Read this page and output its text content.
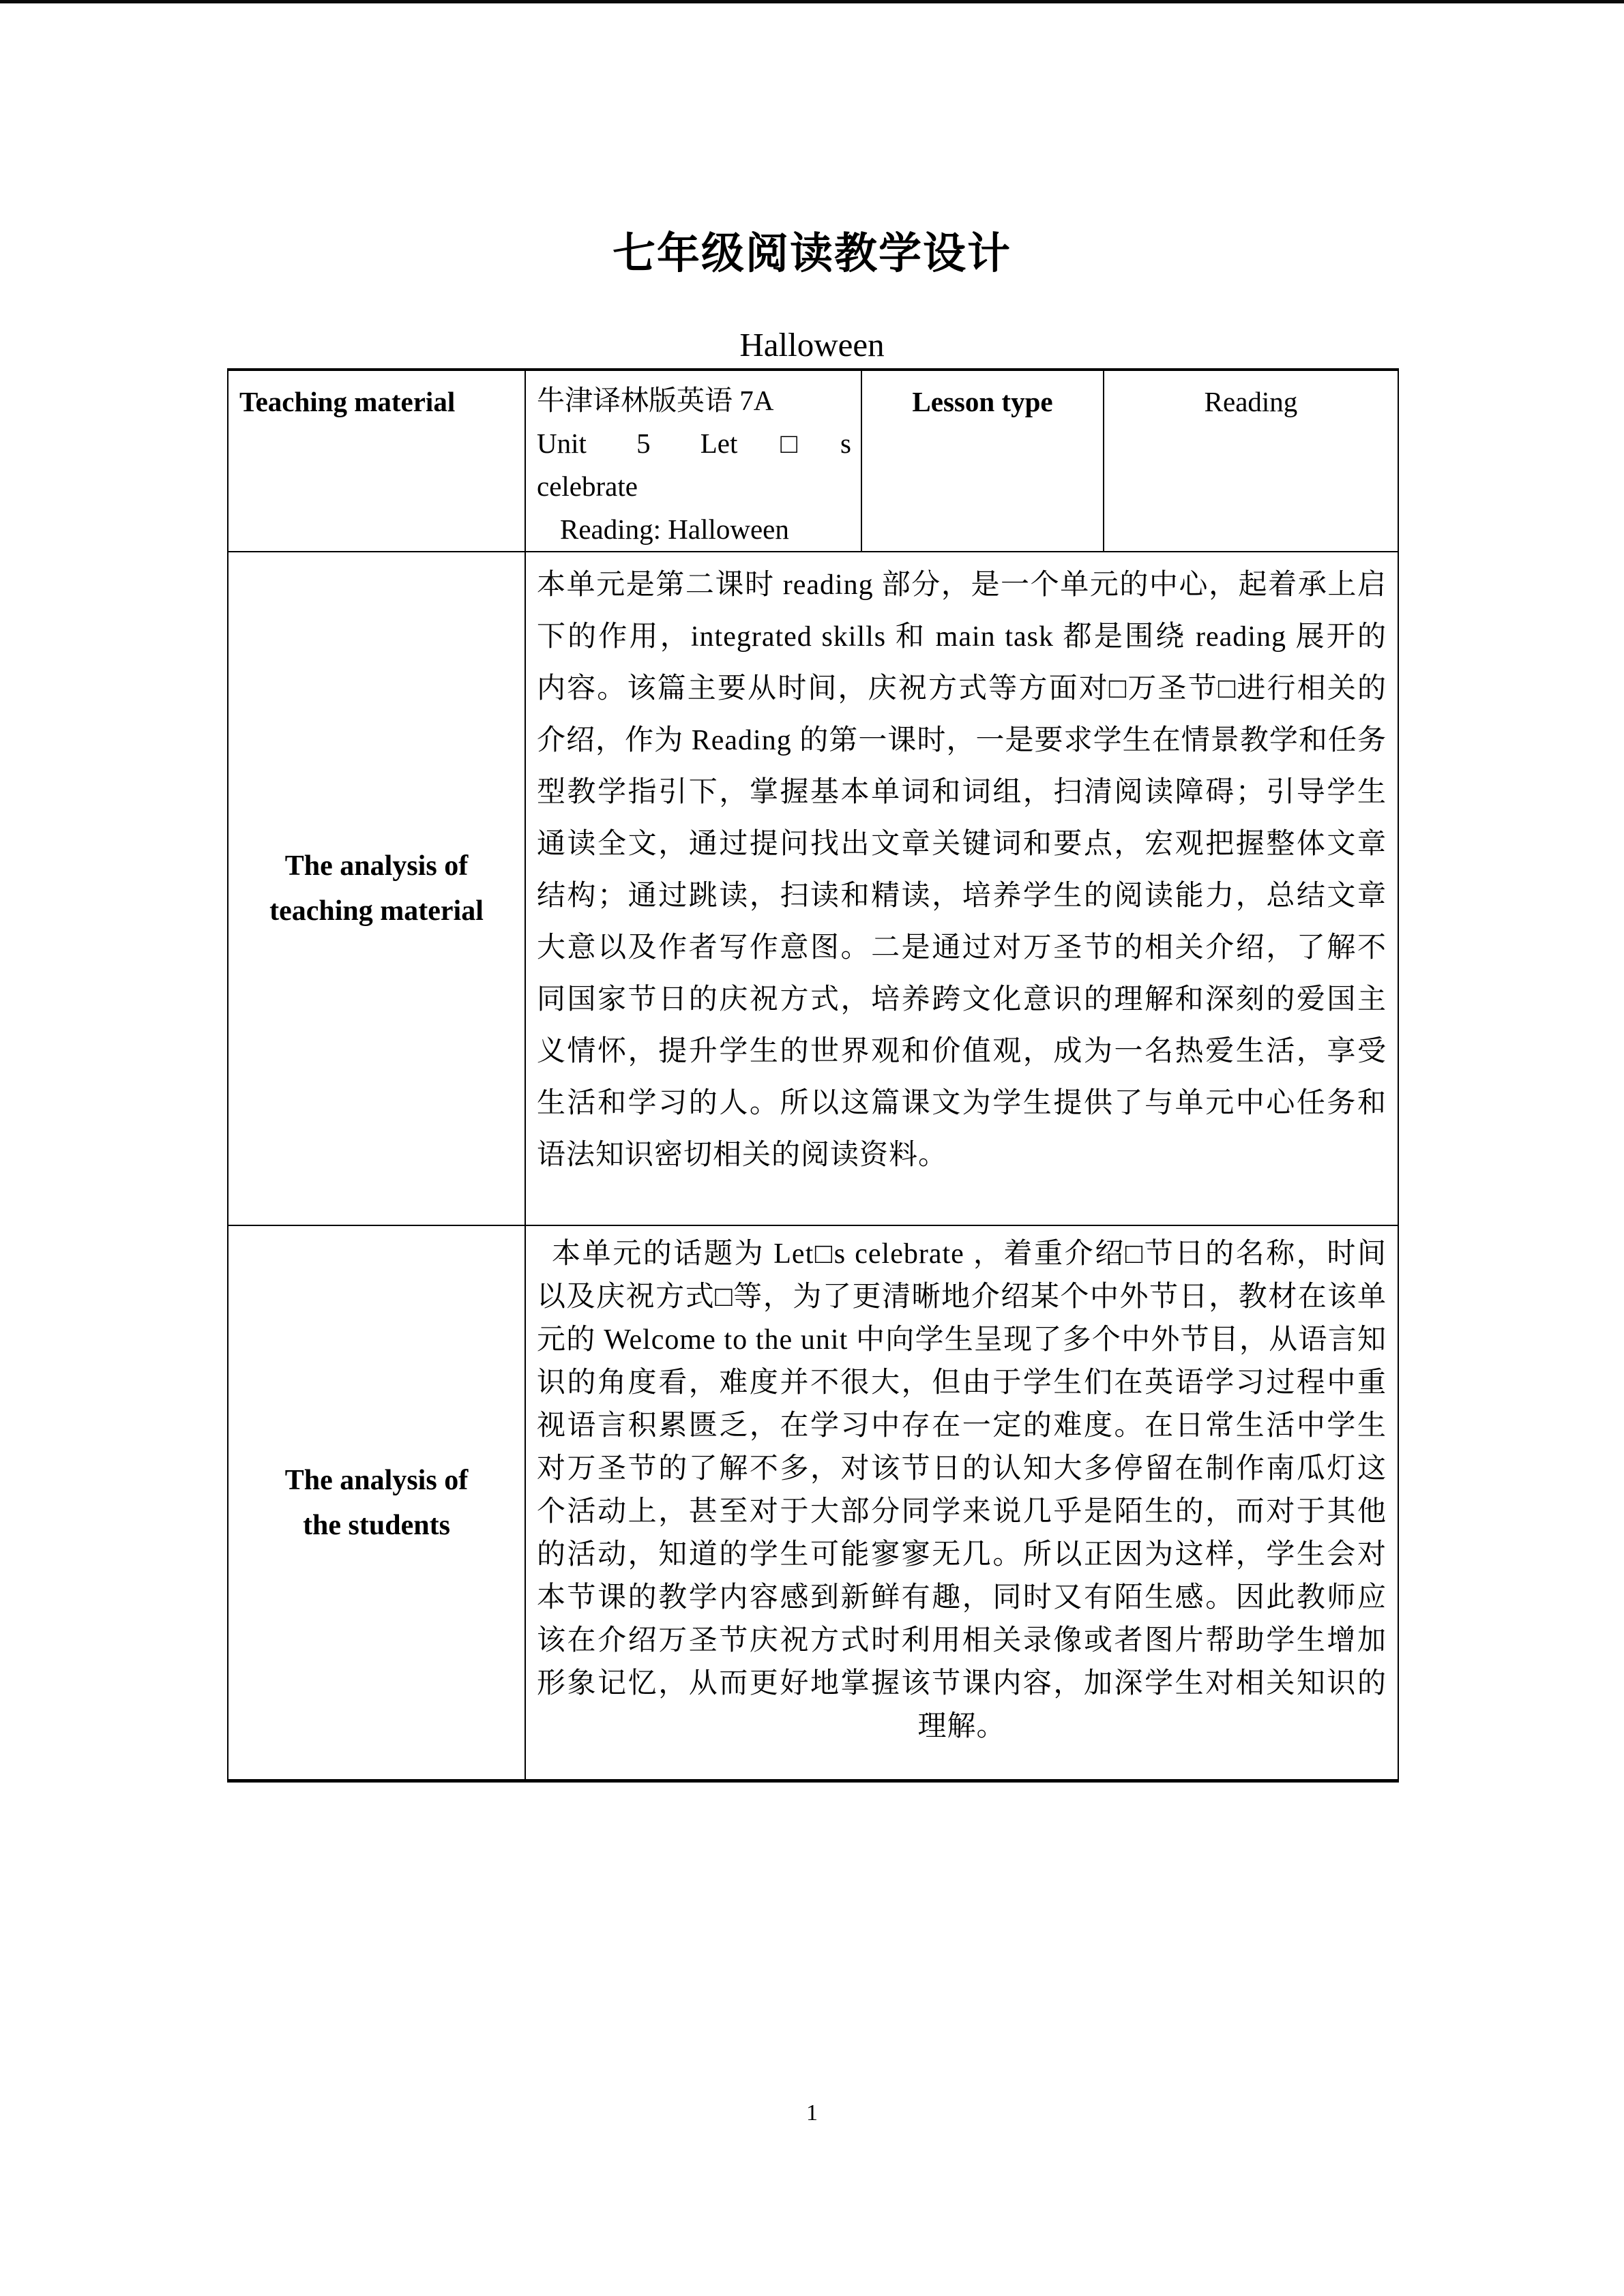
七年级阅读教学设计
Halloween
Teaching material	牛津译林版英语 7A
Unit 5 Let□s
celebrate
Reading: Halloween
Lesson type	Reading
The analysis of
teaching material

本单元是第二课时 reading 部分，是一个单元的中心，起着承上启下的作用，integrated skills 和 main task 都是围绕 reading 展开的内容。该篇主要从时间，庆祝方式等方面对□万圣节□进行相关的介绍，作为 Reading 的第一课时，一是要求学生在情景教学和任务型教学指引下，掌握基本单词和词组，扫清阅读障碍；引导学生通读全文，通过提问找出文章关键词和要点，宏观把握整体文章结构；通过跳读，扫读和精读，培养学生的阅读能力，总结文章大意以及作者写作意图。二是通过对万圣节的相关介绍，了解不同国家节日的庆祝方式，培养跨文化意识的理解和深刻的爱国主义情怀，提升学生的世界观和价值观，成为一名热爱生活，享受生活和学习的人。所以这篇课文为学生提供了与单元中心任务和语法知识密切相关的阅读资料。

The analysis of
the students

本单元的话题为 Let□s celebrate ，着重介绍□节日的名称，时间以及庆祝方式□等，为了更清晰地介绍某个中外节日，教材在该单元的 Welcome to the unit 中向学生呈现了多个中外节目，从语言知识的角度看，难度并不很大，但由于学生们在英语学习过程中重视语言积累匮乏，在学习中存在一定的难度。在日常生活中学生对万圣节的了解不多，对该节日的认知大多停留在制作南瓜灯这个活动上，甚至对于大部分同学来说几乎是陌生的，而对于其他的活动，知道的学生可能寥寥无几。所以正因为这样，学生会对本节课的教学内容感到新鲜有趣，同时又有陌生感。因此教师应该在介绍万圣节庆祝方式时利用相关录像或者图片帮助学生增加形象记忆，从而更好地掌握该节课内容，加深学生对相关知识的理解。

1
